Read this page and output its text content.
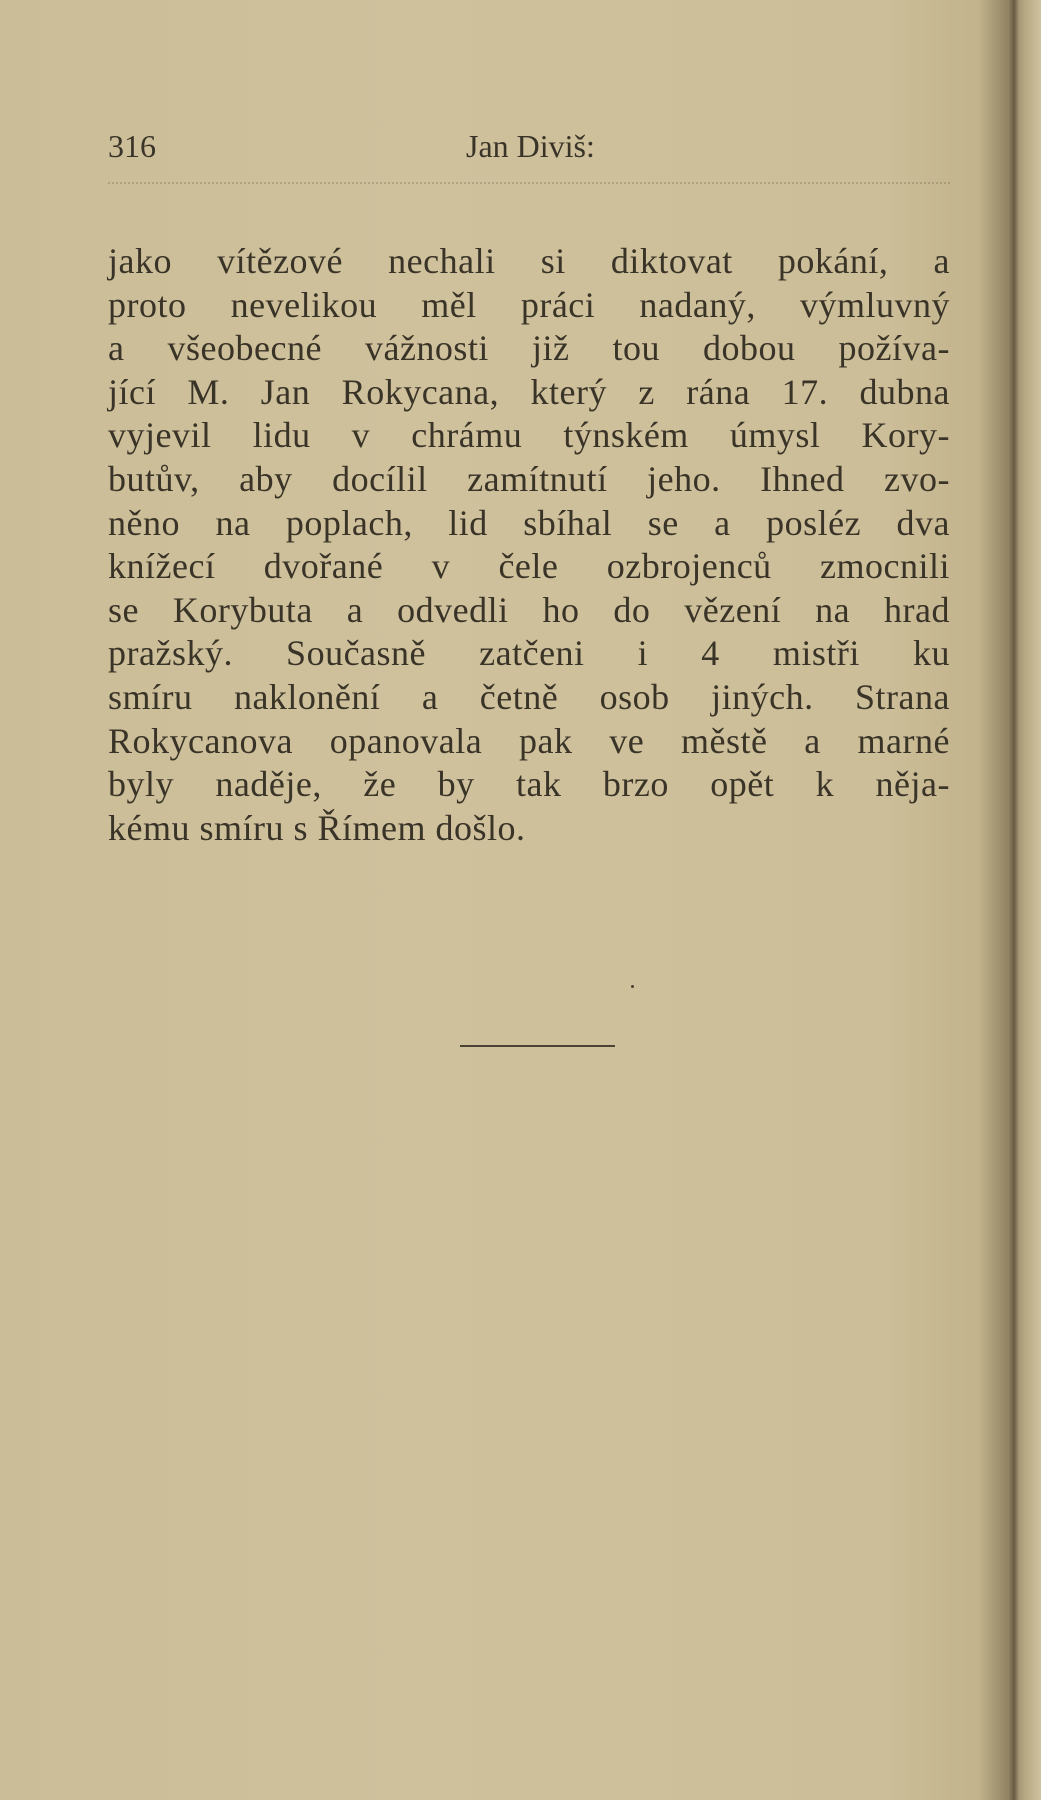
316	Jan Diviš:
jako vítězové nechali si diktovat pokání, a
proto nevelikou měl práci nadaný, výmluvný
a všeobecné vážnosti již tou dobou požíva-
jící M. Jan Rokycana, který z rána 17. dubna
vyjevil lidu v chrámu týnském úmysl Kory-
butův, aby docílil zamítnutí jeho. Ihned zvo-
něno na poplach, lid sbíhal se a posléz dva
knížecí dvořané v čele ozbrojenců zmocnili
se Korybuta a odvedli ho do vězení na hrad
pražský. Současně zatčeni i 4 mistři ku
smíru naklonění a četně osob jiných. Strana
Rokycanova opanovala pak ve městě a marné
byly naděje, že by tak brzo opět k něja-
kému smíru s Římem došlo.
